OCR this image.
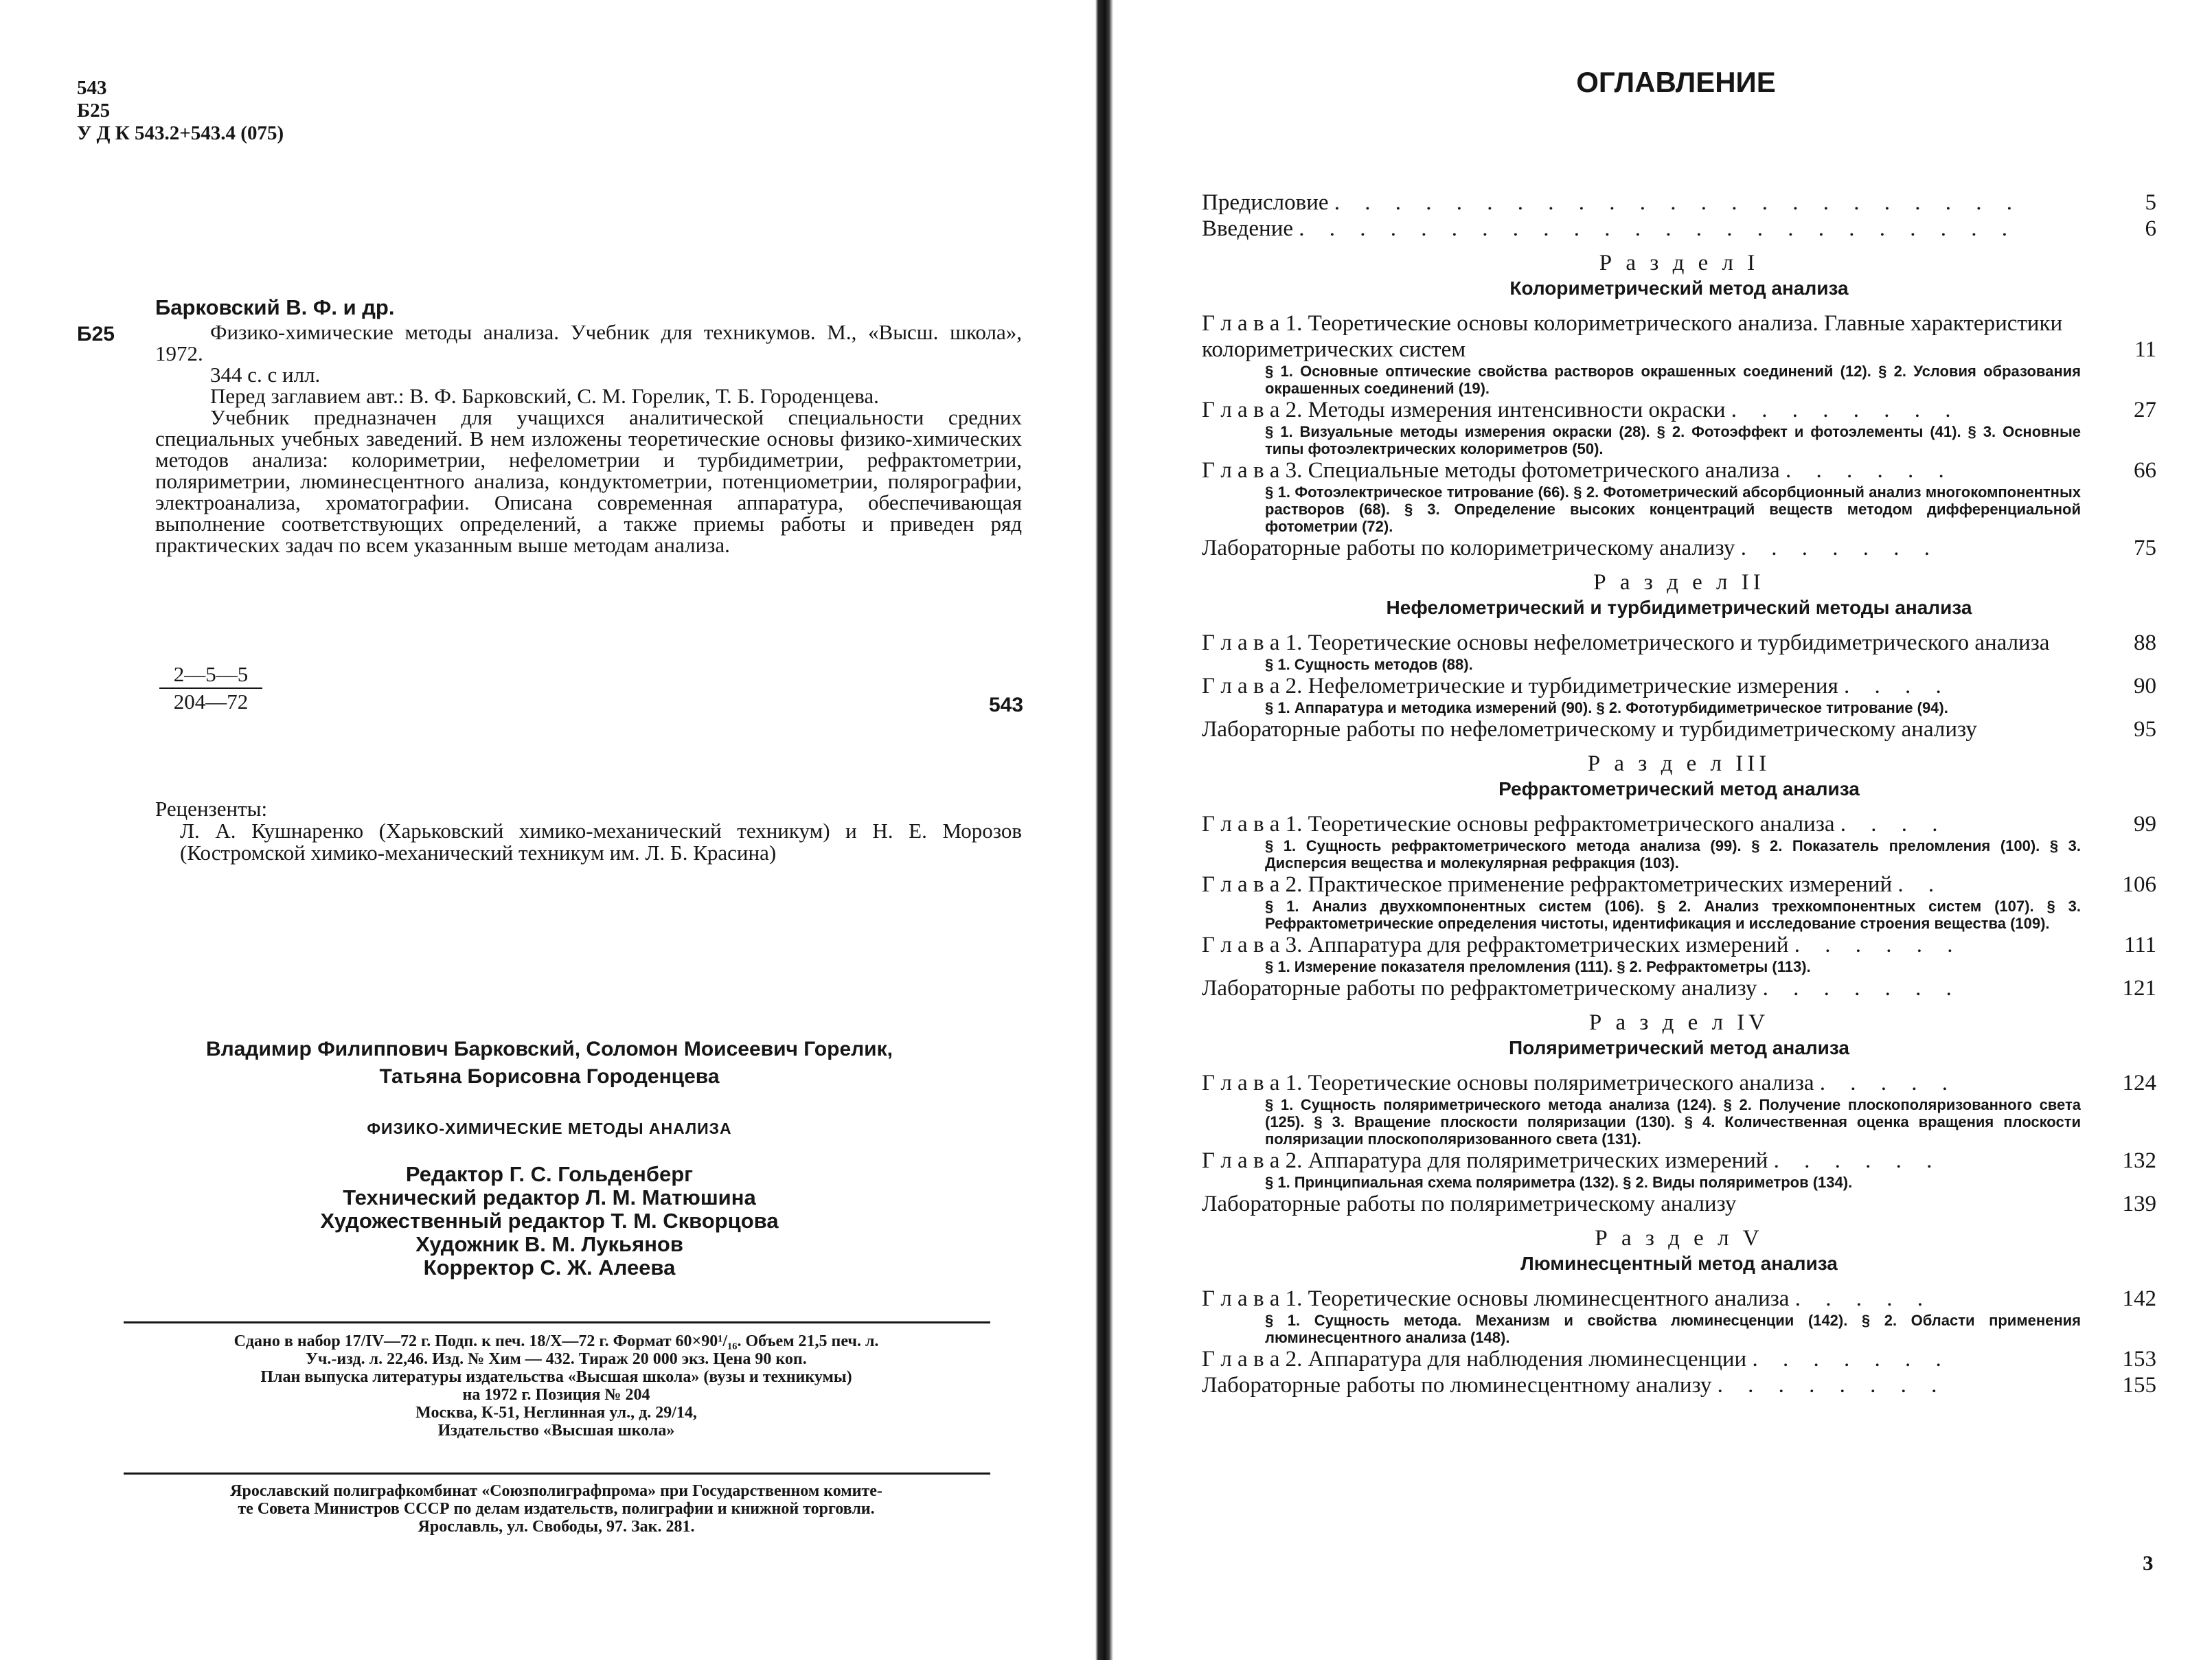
543
Б25
У Д К 543.2+543.4 (075)
Барковский В. Ф. и др.
Б25	Физико-химические методы анализа. Учебник для техникумов. М., «Высш. школа», 1972.

344 с. с илл.

Перед заглавием авт.: В. Ф. Барковский, С. М. Горелик, Т. Б. Городенцева.

Учебник предназначен для учащихся аналитической специальности средних специальных учебных заведений. В нем изложены теоретические основы физико-химических методов анализа: колориметрии, нефелометрии и турбидиметрии, рефрактометрии, поляриметрии, люминесцентного анализа, кондуктометрии, потенциометрии, полярографии, электроанализа, хроматографии. Описана современная аппаратура, обеспечивающая выполнение соответствующих определений, а также приемы работы и приведен ряд практических задач по всем указанным выше методам анализа.

2—5—5
204—72	543
Рецензенты:
Л. А. Кушнаренко (Харьковский химико-механический техникум) и Н. Е. Морозов (Костромской химико-механический техникум им. Л. Б. Красина)
Владимир Филиппович Барковский, Соломон Моисеевич Горелик,
Татьяна Борисовна Городенцева
ФИЗИКО-ХИМИЧЕСКИЕ МЕТОДЫ АНАЛИЗА
Редактор Г. С. Гольденберг
Технический редактор Л. М. Матюшина
Художественный редактор Т. М. Скворцова
Художник В. М. Лукьянов
Корректор С. Ж. Алеева
Сдано в набор 17/IV—72 г. Подп. к печ. 18/X—72 г. Формат 60×90¹/₁₆. Объем 21,5 печ. л.
Уч.-изд. л. 22,46. Изд. № Хим — 432. Тираж 20 000 экз. Цена 90 коп.
План выпуска литературы издательства «Высшая школа» (вузы и техникумы)
на 1972 г. Позиция № 204
Москва, К-51, Неглинная ул., д. 29/14,
Издательство «Высшая школа»
Ярославский полиграфкомбинат «Союзполиграфпрома» при Государственном комите-
те Совета Министров СССР по делам издательств, полиграфии и книжной торговли.
Ярославль, ул. Свободы, 97. Зак. 281.
ОГЛАВЛЕНИЕ
Предисловие . . . . . . . . . . . . . . . . . . . . . . .	5
Введение . . . . . . . . . . . . . . . . . . . . . . . .	6
Р а з д е л I
Колориметрический метод анализа
Г л а в а 1. Теоретические основы колориметрического анализа. Главные характеристики колориметрических систем	11
§ 1. Основные оптические свойства растворов окрашенных соединений (12). § 2. Условия образования окрашенных соединений (19).
Г л а в а 2. Методы измерения интенсивности окраски . . . . . . . .	27
§ 1. Визуальные методы измерения окраски (28). § 2. Фотоэффект и фотоэлементы (41). § 3. Основные типы фотоэлектрических колориметров (50).
Г л а в а 3. Специальные методы фотометрического анализа . . . . . .	66
§ 1. Фотоэлектрическое титрование (66). § 2. Фотометрический абсорбционный анализ многокомпонентных растворов (68). § 3. Определение высоких концентраций веществ методом дифференциальной фотометрии (72).
Лабораторные работы по колориметрическому анализу . . . . . . .	75
Р а з д е л II
Нефелометрический и турбидиметрический методы анализа
Г л а в а 1. Теоретические основы нефелометрического и турбидиметрического анализа	88
§ 1. Сущность методов (88).
Г л а в а 2. Нефелометрические и турбидиметрические измерения . . . .	90
§ 1. Аппаратура и методика измерений (90). § 2. Фототурбидиметрическое титрование (94).
Лабораторные работы по нефелометрическому и турбидиметрическому анализу	95
Р а з д е л III
Рефрактометрический метод анализа
Г л а в а 1. Теоретические основы рефрактометрического анализа . . . .	99
§ 1. Сущность рефрактометрического метода анализа (99). § 2. Показатель преломления (100). § 3. Дисперсия вещества и молекулярная рефракция (103).
Г л а в а 2. Практическое применение рефрактометрических измерений . .	106
§ 1. Анализ двухкомпонентных систем (106). § 2. Анализ трехкомпонентных систем (107). § 3. Рефрактометрические определения чистоты, идентификация и исследование строения вещества (109).
Г л а в а 3. Аппаратура для рефрактометрических измерений . . . . . .	111
§ 1. Измерение показателя преломления (111). § 2. Рефрактометры (113).
Лабораторные работы по рефрактометрическому анализу . . . . . . .	121
Р а з д е л IV
Поляриметрический метод анализа
Г л а в а 1. Теоретические основы поляриметрического анализа . . . . .	124
§ 1. Сущность поляриметрического метода анализа (124). § 2. Получение плоскополяризованного света (125). § 3. Вращение плоскости поляризации (130). § 4. Количественная оценка вращения плоскости поляризации плоскополяризованного света (131).
Г л а в а 2. Аппаратура для поляриметрических измерений . . . . . .	132
§ 1. Принципиальная схема поляриметра (132). § 2. Виды поляриметров (134).
Лабораторные работы по поляриметрическому анализу	139
Р а з д е л V
Люминесцентный метод анализа
Г л а в а 1. Теоретические основы люминесцентного анализа . . . . .	142
§ 1. Сущность метода. Механизм и свойства люминесценции (142). § 2. Области применения люминесцентного анализа (148).
Г л а в а 2. Аппаратура для наблюдения люминесценции . . . . . . .	153
Лабораторные работы по люминесцентному анализу . . . . . . . .	155
3
